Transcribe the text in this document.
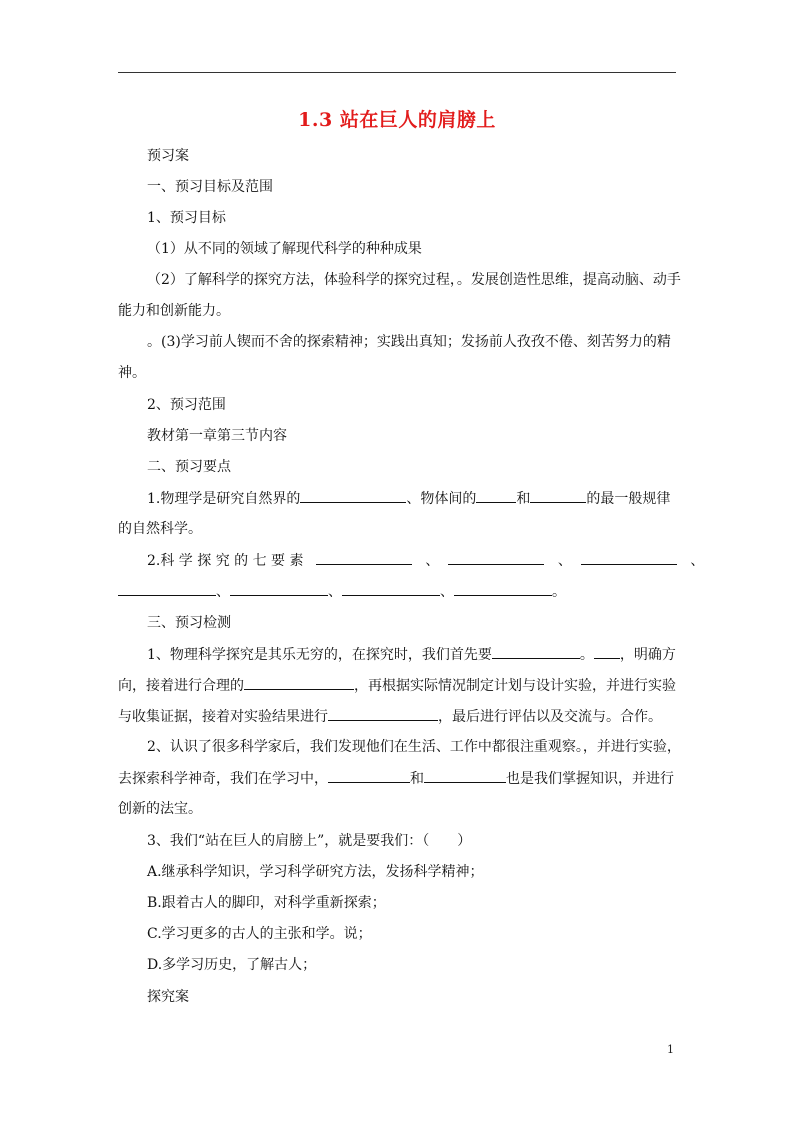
1.3 站在巨人的肩膀上
预习案
一、预习目标及范围
1、预习目标
（1）从不同的领域了解现代科学的种种成果
（2）了解科学的探究方法，体验科学的探究过程，。发展创造性思维，提高动脑、动手
能力和创新能力。
。(3)学习前人锲而不舍的探索精神；实践出真知；发扬前人孜孜不倦、刻苦努力的精
神。
2、预习范围
教材第一章第三节内容
二、预习要点
1.物理学是研究自然界的	、物体间的	和	的最一般规律
的自然科学。
2.科 学 探 究 的 七 要 素	、	、	、
、	、	、	。
三、预习检测
1、物理科学探究是其乐无穷的，在探究时，我们首先要	。 ，明确方
向，接着进行合理的	，再根据实际情况制定计划与设计实验，并进行实验
与收集证据，接着对实验结果进行	，最后进行评估以及交流与。合作。
2、认识了很多科学家后，我们发现他们在生活、工作中都很注重观察。，并进行实验，
去探索科学神奇，我们在学习中，	和	也是我们掌握知识，并进行
创新的法宝。
3、我们“站在巨人的肩膀上”，就是要我们：（　　）
A.继承科学知识，学习科学研究方法，发扬科学精神；
B.跟着古人的脚印，对科学重新探索；
C.学习更多的古人的主张和学。说；
D.多学习历史，了解古人；
探究案
1
